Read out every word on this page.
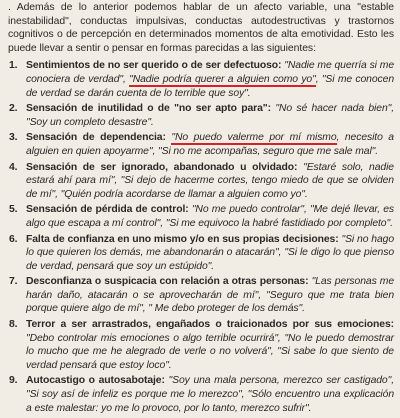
. Además de lo anterior podemos hablar de un afecto variable, una "estable inestabilidad", conductas impulsivas, conductas autodestructivas y trastornos cognitivos o de percepción en determinados momentos de alta emotividad. Esto les puede llevar a sentir o pensar en formas parecidas a las siguientes:

1. Sentimientos de no ser querido o de ser defectuoso: "Nadie me querría si me conociera de verdad", "Nadie podría querer a alguien como yo", "Si me conocen de verdad se darán cuenta de lo terrible que soy".
2. Sensación de inutilidad o de "no ser apto para": "No sé hacer nada bien", "Soy un completo desastre".
3. Sensación de dependencia: "No puedo valerme por mí mismo, necesito a alguien en quien apoyarme", "Si no me acompañas, seguro que me sale mal".
4. Sensación de ser ignorado, abandonado u olvidado: "Estaré solo, nadie estará ahí para mí", "Si dejo de hacerme cortes, tengo miedo de que se olviden de mí", "Quién podría acordarse de llamar a alguien como yo".
5. Sensación de pérdida de control: "No me puedo controlar", "Me dejé llevar, es algo que escapa a mí control", "Si me equivoco la habré fastidiado por completo".
6. Falta de confianza en uno mismo y/o en sus propias decisiones: "Si no hago lo que quieren los demás, me abandonarán o atacarán", "Si le digo lo que pienso de verdad, pensará que soy un estúpido".
7. Desconfianza o suspicacia con relación a otras personas: "Las personas me harán daño, atacarán o se aprovecharán de mí", "Seguro que me trata bien porque quiere algo de mí", " Me debo proteger de los demás".
8. Terror a ser arrastrados, engañados o traicionados por sus emociones: "Debo controlar mis emociones o algo terrible ocurrirá", "No le puedo demostrar lo mucho que me he alegrado de verle o no volverá", "Si sabe lo que siento de verdad pensará que estoy loco".
9. Autocastigo o autosabotaje: "Soy una mala persona, merezco ser castigado", "Si soy así de infeliz es porque me lo merezco", "Sólo encuentro una explicación a este malestar: yo me lo provoco, por lo tanto, merezco sufrir".
